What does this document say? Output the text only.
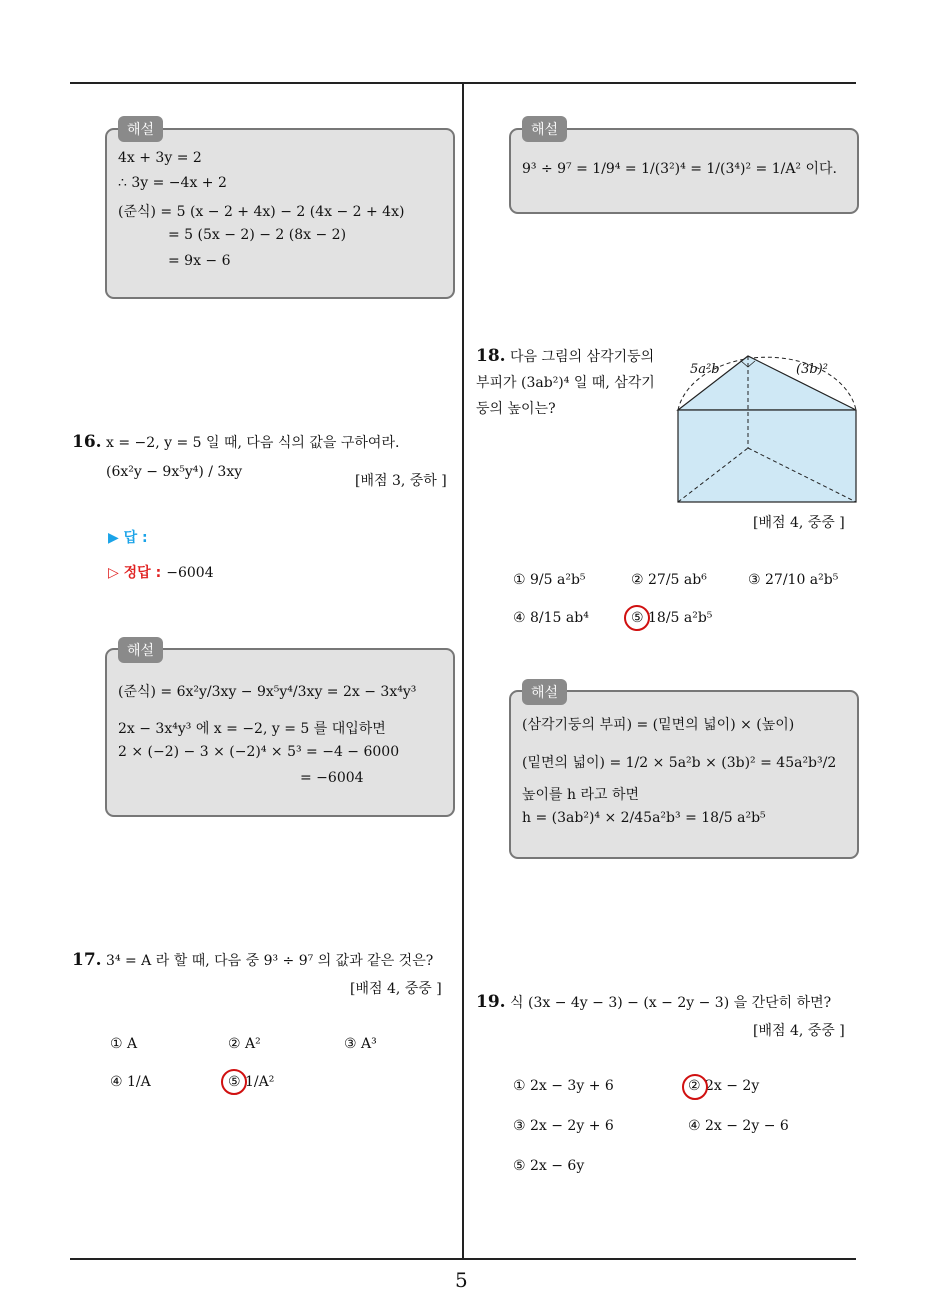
해설
4x + 3y = 2
∴ 3y = −4x + 2
(준식) = 5 (x − 2 + 4x) − 2 (4x − 2 + 4x)
= 5 (5x − 2) − 2 (8x − 2)
= 9x − 6
16. x = −2, y = 5 일 때, 다음 식의 값을 구하여라.
(6x²y − 9x⁵y⁴) / 3xy
[배점 3, 중하 ]
▶ 답 :
▷ 정답 : −6004
해설
(준식) = 6x²y/3xy − 9x⁵y⁴/3xy = 2x − 3x⁴y³
2x − 3x⁴y³ 에 x = −2, y = 5 를 대입하면
2 × (−2) − 3 × (−2)⁴ × 5³ = −4 − 6000
= −6004
17. 3⁴ = A 라 할 때, 다음 중 9³ ÷ 9⁷ 의 값과 같은 것은?
[배점 4, 중중 ]
① A	② A²	③ A³
④ 1/A	⑤ 1/A²
해설
9³ ÷ 9⁷ = 1/9⁴ = 1/(3²)⁴ = 1/(3⁴)² = 1/A² 이다.
18. 다음 그림의 삼각기둥의 부피가 (3ab²)⁴ 일 때, 삼각기둥의 높이는?
5a²b	(3b)²
[배점 4, 중중 ]
① 9/5 a²b⁵	② 27/5 ab⁶	③ 27/10 a²b⁵
④ 8/15 ab⁴	⑤ 18/5 a²b⁵
해설
(삼각기둥의 부피) = (밑면의 넓이) × (높이)
(밑면의 넓이) = 1/2 × 5a²b × (3b)² = 45a²b³/2
높이를 h 라고 하면
h = (3ab²)⁴ × 2/45a²b³ = 18/5 a²b⁵
19. 식 (3x − 4y − 3) − (x − 2y − 3) 을 간단히 하면?
[배점 4, 중중 ]
① 2x − 3y + 6	② 2x − 2y
③ 2x − 2y + 6	④ 2x − 2y − 6
⑤ 2x − 6y
5
